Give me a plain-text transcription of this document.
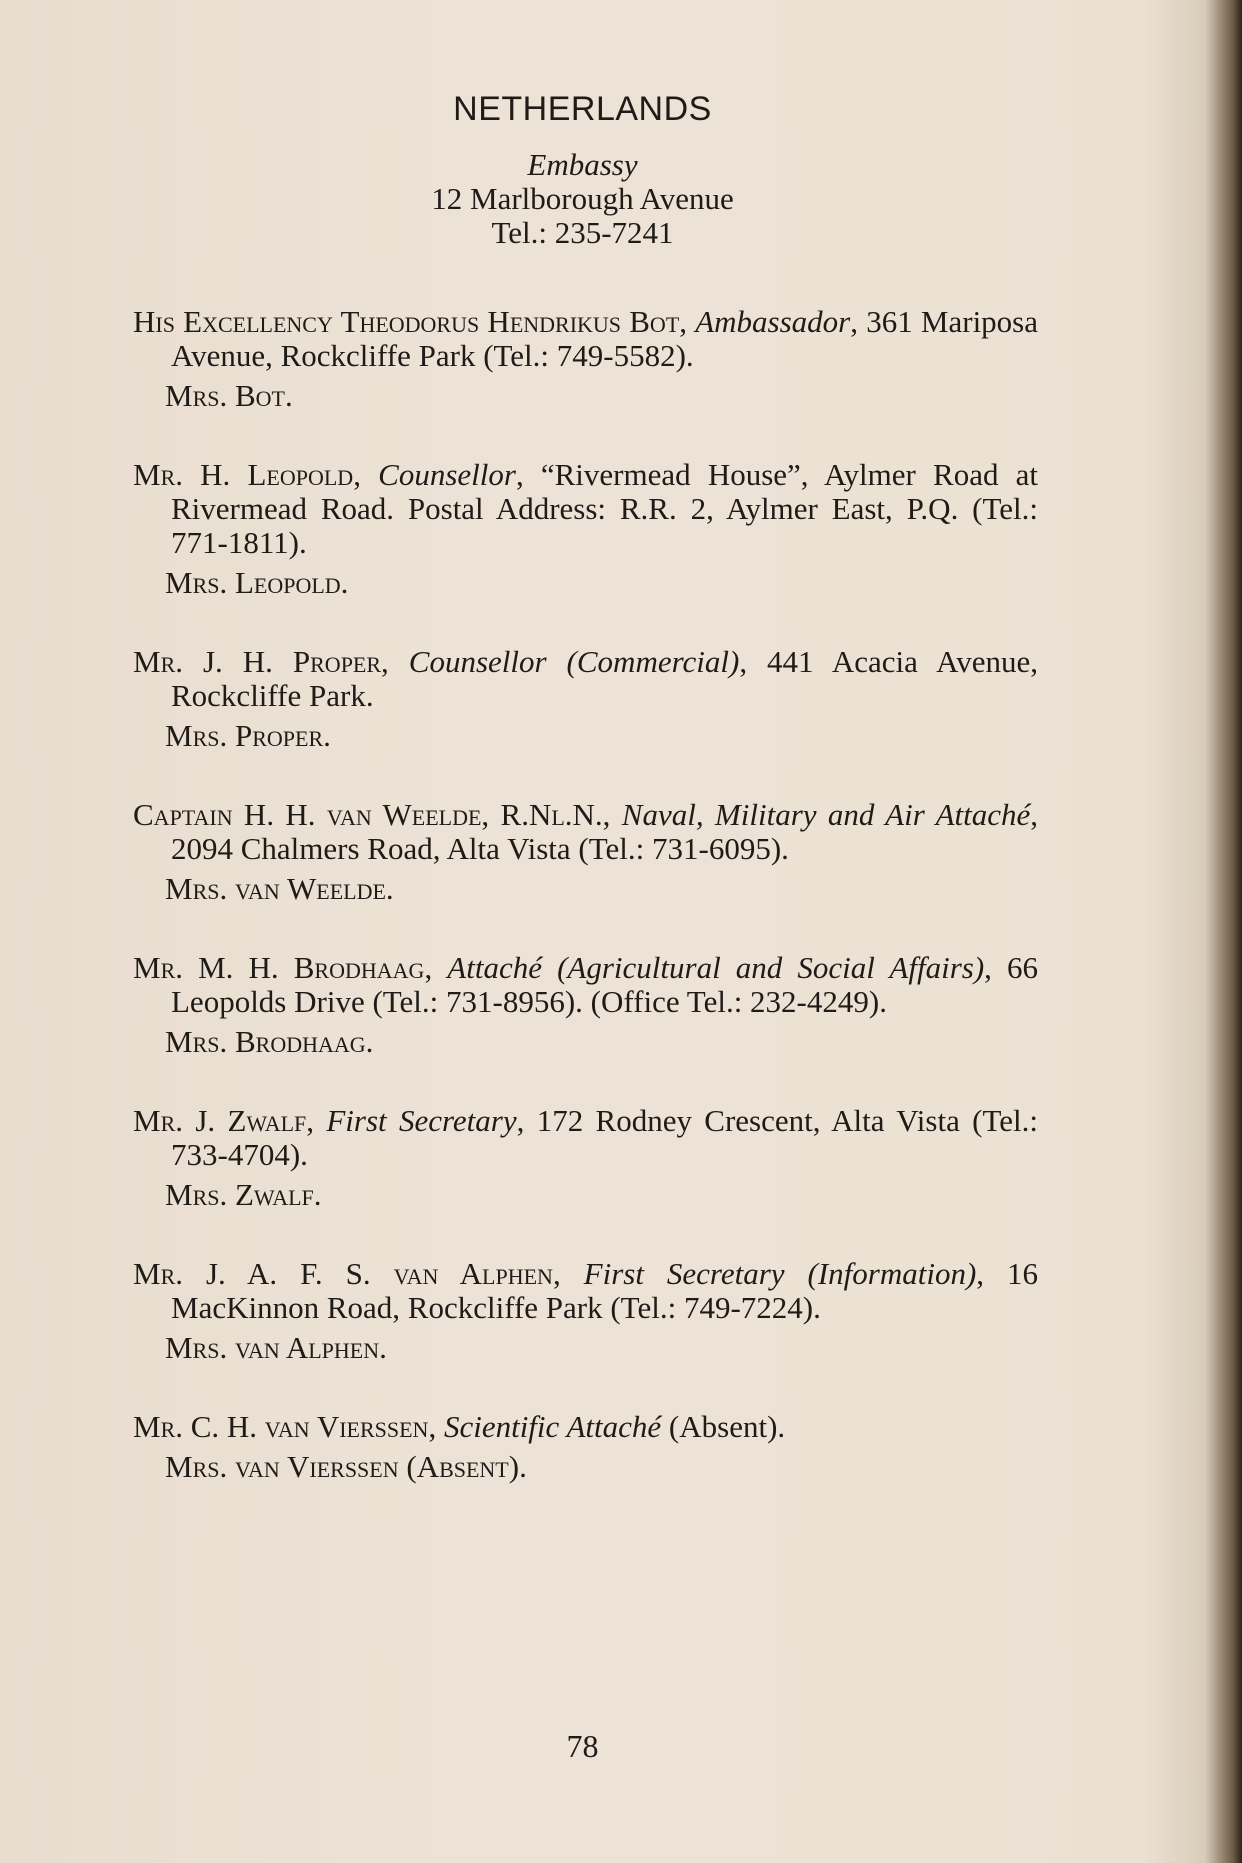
NETHERLANDS
Embassy
12 Marlborough Avenue
Tel.: 235-7241
His Excellency Theodorus Hendrikus Bot, Ambassador, 361 Mariposa Avenue, Rockcliffe Park (Tel.: 749-5582).
Mrs. Bot.
Mr. H. Leopold, Counsellor, “Rivermead House”, Aylmer Road at Rivermead Road. Postal Address: R.R. 2, Aylmer East, P.Q. (Tel.: 771-1811).
Mrs. Leopold.
Mr. J. H. Proper, Counsellor (Commercial), 441 Acacia Avenue, Rockcliffe Park.
Mrs. Proper.
Captain H. H. van Weelde, R.Nl.N., Naval, Military and Air Attaché, 2094 Chalmers Road, Alta Vista (Tel.: 731-6095).
Mrs. van Weelde.
Mr. M. H. Brodhaag, Attaché (Agricultural and Social Affairs), 66 Leopolds Drive (Tel.: 731-8956). (Office Tel.: 232-4249).
Mrs. Brodhaag.
Mr. J. Zwalf, First Secretary, 172 Rodney Crescent, Alta Vista (Tel.: 733-4704).
Mrs. Zwalf.
Mr. J. A. F. S. van Alphen, First Secretary (Information), 16 MacKinnon Road, Rockcliffe Park (Tel.: 749-7224).
Mrs. van Alphen.
Mr. C. H. van Vierssen, Scientific Attaché (Absent).
Mrs. van Vierssen (Absent).
78
